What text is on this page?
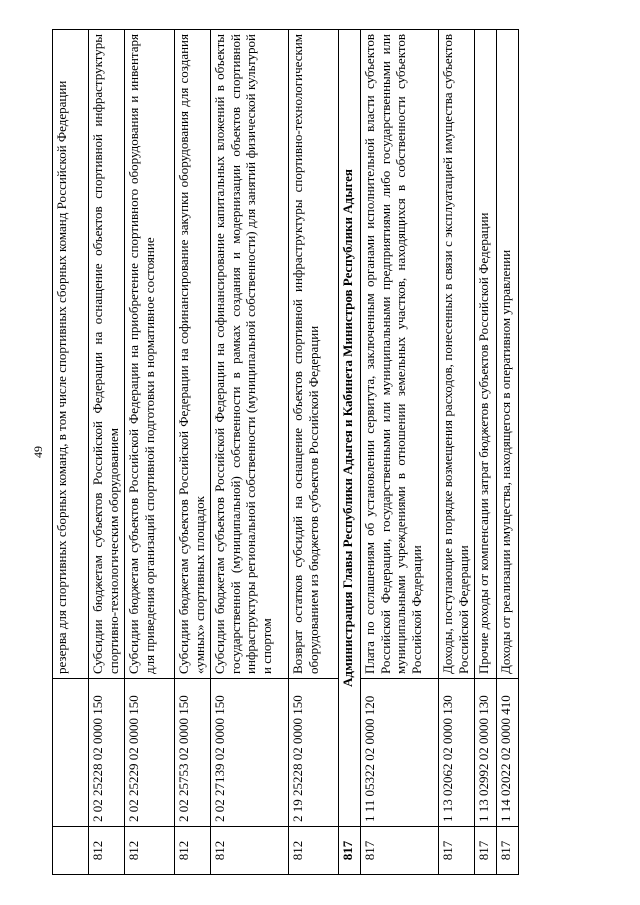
49
		резерва для спортивных сборных команд, в том числе спортивных сборных команд Российской Федерации
812	2 02 25228 02 0000 150	Субсидии бюджетам субъектов Российской Федерации на оснащение объектов спортивной инфраструктуры спортивно-технологическим оборудованием
812	2 02 25229 02 0000 150	Субсидии бюджетам субъектов Российской Федерации на приобретение спортивного оборудования и инвентаря для приведения организаций спортивной подготовки в нормативное состояние
812	2 02 25753 02 0000 150	Субсидии бюджетам субъектов Российской Федерации на софинансирование закупки оборудования для создания «умных» спортивных площадок
812	2 02 27139 02 0000 150	Субсидии бюджетам субъектов Российской Федерации на софинансирование капитальных вложений в объекты государственной (муниципальной) собственности в рамках создания и модернизации объектов спортивной инфраструктуры региональной собственности (муниципальной собственности) для занятий физической культурой и спортом
812	2 19 25228 02 0000 150	Возврат остатков субсидий на оснащение объектов спортивной инфраструктуры спортивно-технологическим оборудованием из бюджетов субъектов Российской Федерации
817	Администрация Главы Республики Адыгея и Кабинета Министров Республики Адыгея	
817	1 11 05322 02 0000 120	Плата по соглашениям об установлении сервитута, заключенным органами исполнительной власти субъектов Российской Федерации, государственными или муниципальными предприятиями либо государственными или муниципальными учреждениями в отношении земельных участков, находящихся в собственности субъектов Российской Федерации
817	1 13 02062 02 0000 130	Доходы, поступающие в порядке возмещения расходов, понесенных в связи с эксплуатацией имущества субъектов Российской Федерации
817	1 13 02992 02 0000 130	Прочие доходы от компенсации затрат бюджетов субъектов Российской Федерации
817	1 14 02022 02 0000 410	Доходы от реализации имущества, находящегося в оперативном управлении
